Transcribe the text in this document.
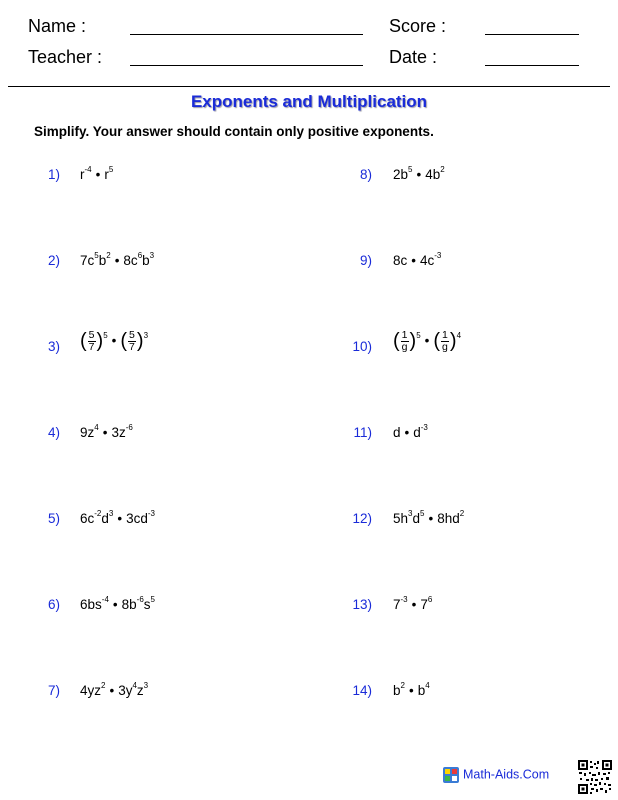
Name :	Score :
Teacher :	Date :
Exponents and Multiplication
Simplify. Your answer should contain only positive exponents.
1) $r^{-4}$ • $r^5$
2) $7c^5b^2$ • $8c^6b^3$
3) ( $\frac{5}{7} )^5$ • ( $\frac{5}{7} )^3$
4) $9z^4$ • $3z^{-6}$
5) $6c^{-2}d^3$ • $3cd^{-3}$
6) $6bs^{-4}$ • $8b^{-6}s^5$
7) $4yz^2$ • $3y^4z^3$
8) $2b^5$ • $4b^2$
9) 8c • $4c^{-3}$
10) ( $\frac{1}{g} )^5$ • ( $\frac{1}{g} )^4$
11) d • $d^{-3}$
12) $5h^3d^5$ • $8hd^2$
13) $7^{-3}$ • $7^6$
14) $b^2$ • $b^4$
Math-Aids.Com
